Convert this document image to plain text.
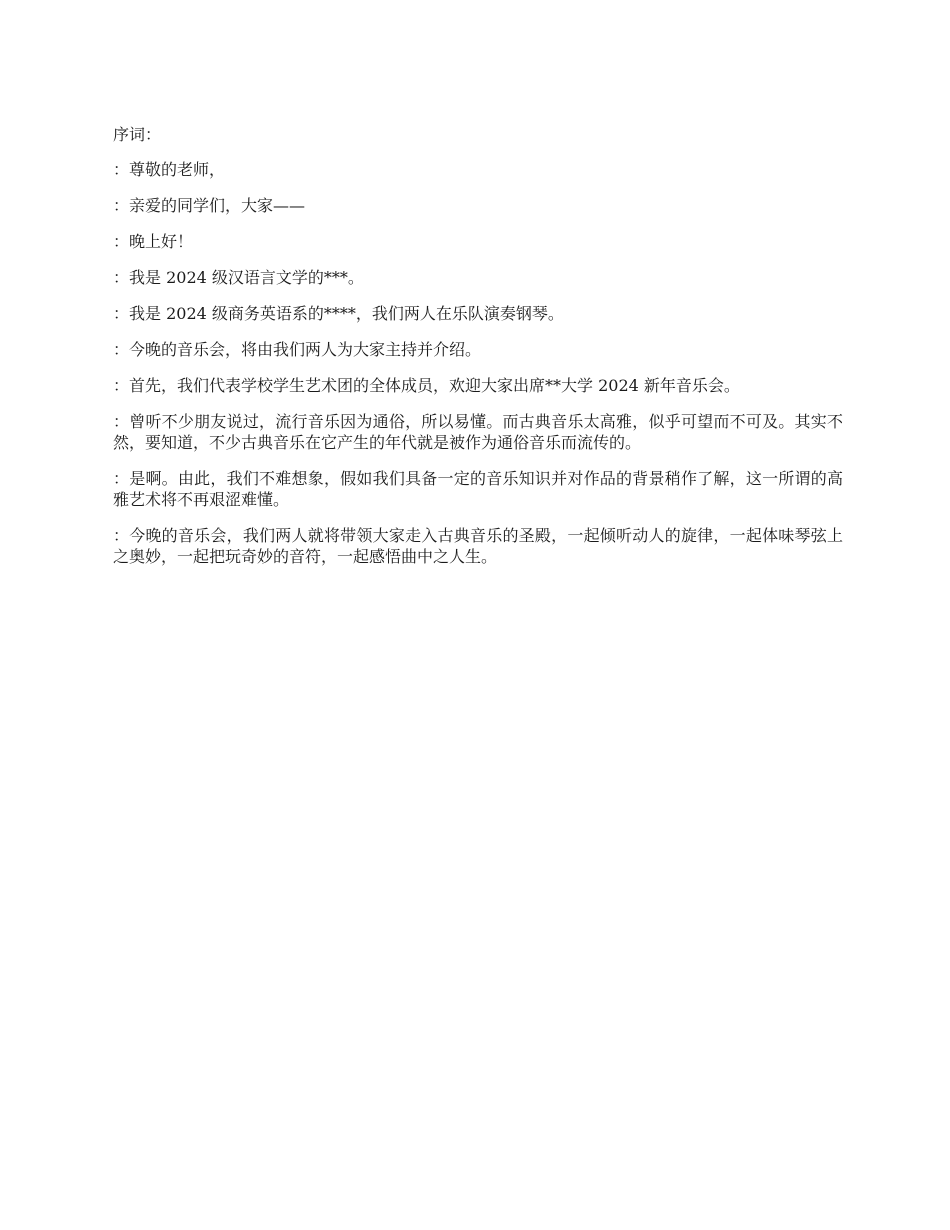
序词：

：尊敬的老师，

：亲爱的同学们，大家——

：晚上好！

：我是 2024 级汉语言文学的***。

：我是 2024 级商务英语系的****，我们两人在乐队演奏钢琴。

：今晚的音乐会，将由我们两人为大家主持并介绍。

：首先，我们代表学校学生艺术团的全体成员，欢迎大家出席**大学 2024 新年音乐会。

：曾听不少朋友说过，流行音乐因为通俗，所以易懂。而古典音乐太高雅，似乎可望而不可及。其实不然，要知道，不少古典音乐在它产生的年代就是被作为通俗音乐而流传的。

：是啊。由此，我们不难想象，假如我们具备一定的音乐知识并对作品的背景稍作了解，这一所谓的高雅艺术将不再艰涩难懂。

：今晚的音乐会，我们两人就将带领大家走入古典音乐的圣殿，一起倾听动人的旋律，一起体味琴弦上之奥妙，一起把玩奇妙的音符，一起感悟曲中之人生。
